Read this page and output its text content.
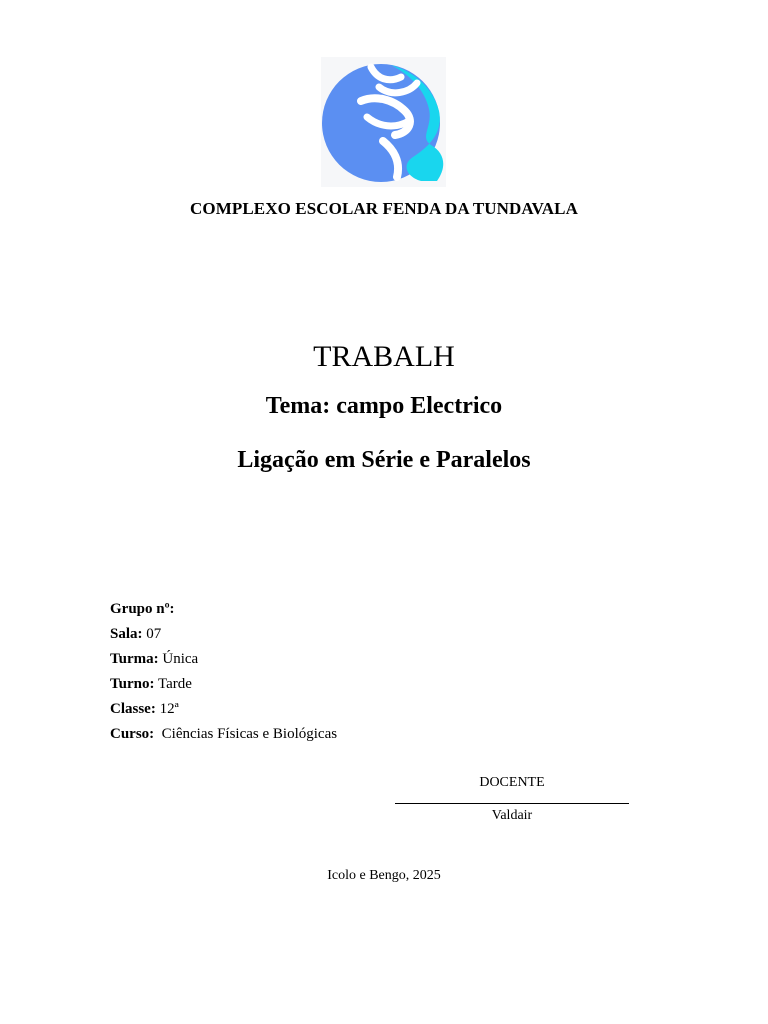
COMPLEXO ESCOLAR FENDA DA TUNDAVALA
TRABALH
Tema: campo Electrico
Ligação em Série e Paralelos
Grupo nº:
Sala: 07
Turma: Única
Turno: Tarde
Classe: 12ª
Curso:  Ciências Físicas e Biológicas
DOCENTE
Valdair
Icolo e Bengo, 2025
